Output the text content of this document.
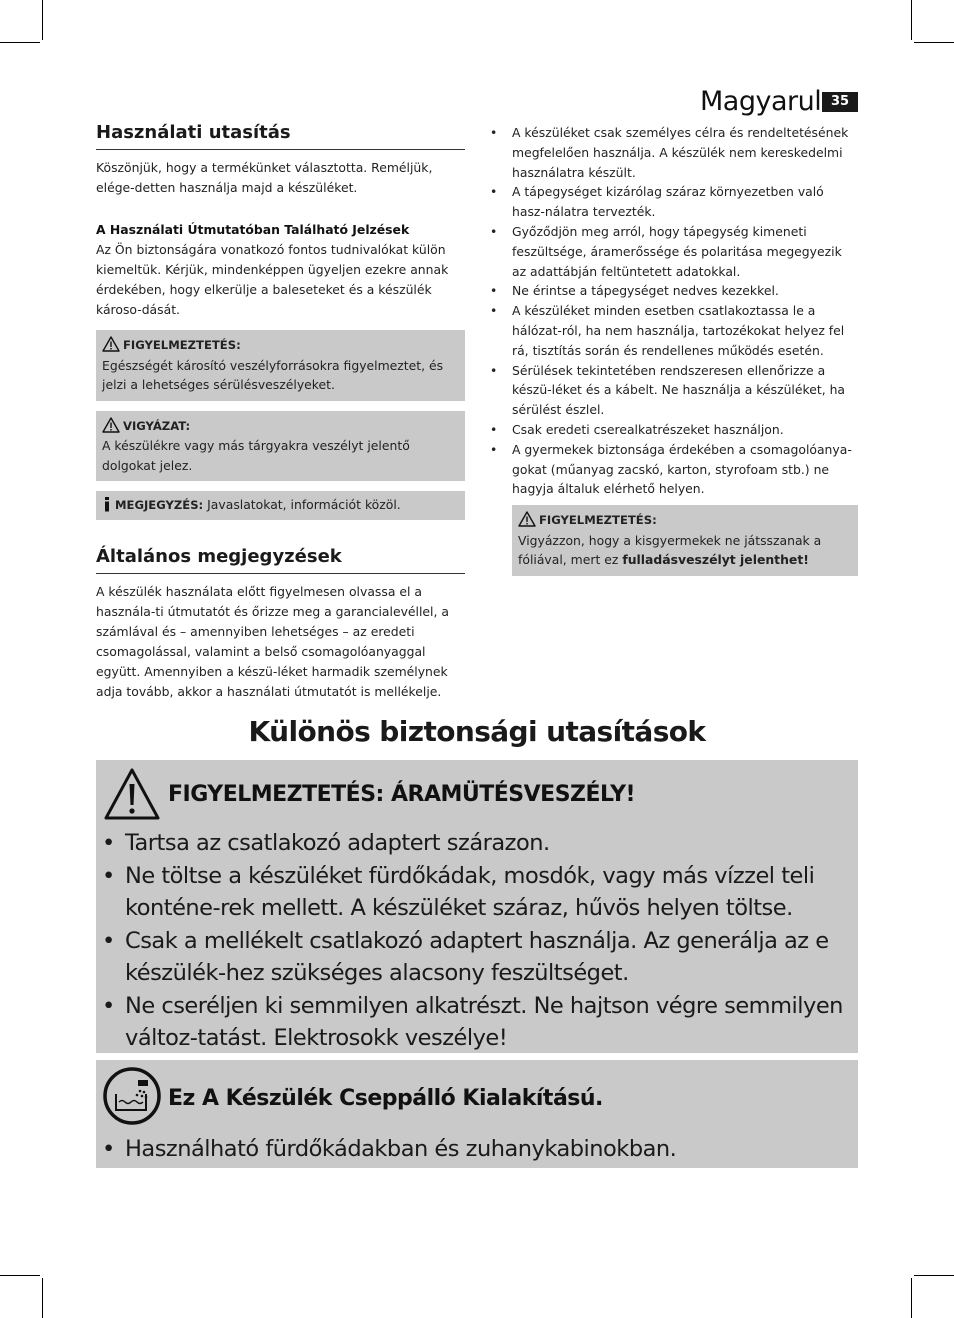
Magyarul 35
Használati utasítás

Köszönjük, hogy a termékünket választotta. Reméljük, elége-detten használja majd a készüléket.

A Használati Útmutatóban Található Jelzések

Az Ön biztonságára vonatkozó fontos tudnivalókat külön kiemeltük. Kérjük, mindenképpen ügyeljen ezekre annak érdekében, hogy elkerülje a baleseteket és a készülék károso-dását.

FIGYELMEZTETÉS:
Egészségét károsító veszélyforrásokra figyelmeztet, és jelzi a lehetséges sérülésveszélyeket.
VIGYÁZAT:
A készülékre vagy más tárgyakra veszélyt jelentő dolgokat jelez.
MEGJEGYZÉS: Javaslatokat, információt közöl.
Általános megjegyzések

A készülék használata előtt figyelmesen olvassa el a használa-ti útmutatót és őrizze meg a garancialevéllel, a számlával és – amennyiben lehetséges – az eredeti csomagolással, valamint a belső csomagolóanyaggal együtt. Amennyiben a készü-léket harmadik személynek adja tovább, akkor a használati útmutatót is mellékelje.

• A készüléket csak személyes célra és rendeltetésének megfelelően használja. A készülék nem kereskedelmi használatra készült.
• A tápegységet kizárólag száraz környezetben való hasz-nálatra tervezték.
• Győződjön meg arról, hogy tápegység kimeneti feszültsége, áramerőssége és polaritása megegyezik az adattábján feltüntetett adatokkal.
• Ne érintse a tápegységet nedves kezekkel.
• A készüléket minden esetben csatlakoztassa le a hálózat-ról, ha nem használja, tartozékokat helyez fel rá, tisztítás során és rendellenes működés esetén.
• Sérülések tekintetében rendszeresen ellenőrizze a készü-léket és a kábelt. Ne használja a készüléket, ha sérülést észlel.
• Csak eredeti cserealkatrészeket használjon.
• A gyermekek biztonsága érdekében a csomagolóanya-gokat (műanyag zacskó, karton, styrofoam stb.) ne hagyja általuk elérhető helyen.
FIGYELMEZTETÉS:
Vigyázzon, hogy a kisgyermekek ne játsszanak a fóliával, mert ez fulladásveszélyt jelenthet!
Különös biztonsági utasítások
FIGYELMEZTETÉS: ÁRAMÜTÉSVESZÉLY!
• Tartsa az csatlakozó adaptert szárazon.
• Ne töltse a készüléket fürdőkádak, mosdók, vagy más vízzel teli konténe-rek mellett. A készüléket száraz, hűvös helyen töltse.
• Csak a mellékelt csatlakozó adaptert használja. Az generálja az e készülék-hez szükséges alacsony feszültséget.
• Ne cseréljen ki semmilyen alkatrészt. Ne hajtson végre semmilyen változ-tatást. Elektrosokk veszélye!
Ez A Készülék Cseppálló Kialakítású.
• Használható fürdőkádakban és zuhanykabinokban.
